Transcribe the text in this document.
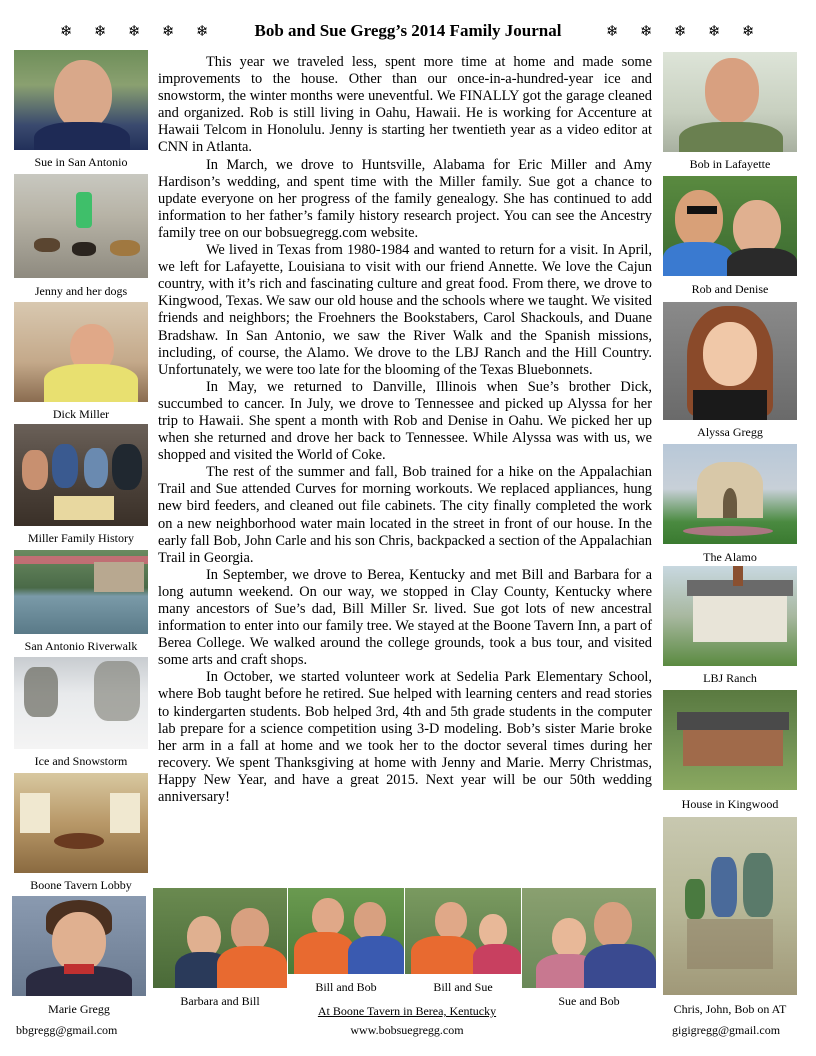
❄ ❄ ❄ ❄ ❄	Bob and Sue Gregg’s 2014 Family Journal	❄ ❄ ❄ ❄ ❄
Sue in San Antonio
Jenny and her dogs
Dick Miller
Miller Family History
San Antonio Riverwalk
Ice and Snowstorm
Boone Tavern Lobby
Marie Gregg
Bob in Lafayette
Rob and Denise
Alyssa Gregg
The Alamo
LBJ Ranch
House in Kingwood
Chris, John, Bob on AT

This year we traveled less, spent more time at home and made some improvements to the house. Other than our once-in-a-hundred-year ice and snowstorm, the winter months were uneventful. We FINALLY got the garage cleaned and organized. Rob is still living in Oahu, Hawaii. He is working for Accenture at Hawaii Telcom in Honolulu. Jenny is starting her twentieth year as a video editor at CNN in Atlanta.

In March, we drove to Huntsville, Alabama for Eric Miller and Amy Hardison’s wedding, and spent time with the Miller family. Sue got a chance to update everyone on her progress of the family genealogy. She has continued to add information to her father’s family history research project. You can see the Ancestry family tree on our bobsuegregg.com website.

We lived in Texas from 1980-1984 and wanted to return for a visit. In April, we left for Lafayette, Louisiana to visit with our friend Annette. We love the Cajun country, with it’s rich and fascinating culture and great food. From there, we drove to Kingwood, Texas. We saw our old house and the schools where we taught. We visited friends and neighbors; the Froehners the Bookstabers, Carol Shackouls, and Duane Bradshaw. In San Antonio, we saw the River Walk and the Spanish missions, including, of course, the Alamo. We drove to the LBJ Ranch and the Hill Country. Unfortunately, we were too late for the blooming of the Texas Bluebonnets.

In May, we returned to Danville, Illinois when Sue’s brother Dick, succumbed to cancer. In July, we drove to Tennessee and picked up Alyssa for her trip to Hawaii. She spent a month with Rob and Denise in Oahu. We picked her up when she returned and drove her back to Tennessee. While Alyssa was with us, we shopped and visited the World of Coke.

The rest of the summer and fall, Bob trained for a hike on the Appalachian Trail and Sue attended Curves for morning workouts. We replaced appliances, hung new bird feeders, and cleaned out file cabinets. The city finally completed the work on a new neighborhood water main located in the street in front of our house. In the early fall Bob, John Carle and his son Chris, backpacked a section of the Appalachian Trail in Georgia.

In September, we drove to Berea, Kentucky and met Bill and Barbara for a long autumn weekend. On our way, we stopped in Clay County, Kentucky where many ancestors of Sue’s dad, Bill Miller Sr. lived. Sue got lots of new ancestral information to enter into our family tree. We stayed at the Boone Tavern Inn, a part of Berea College. We walked around the college grounds, took a bus tour, and visited some arts and craft shops.

In October, we started volunteer work at Sedelia Park Elementary School, where Bob taught before he retired. Sue helped with learning centers and read stories to kindergarten students. Bob helped 3rd, 4th and 5th grade students in the computer lab prepare for a science competition using 3-D modeling. Bob’s sister Marie broke her arm in a fall at home and we took her to the doctor several times during her recovery. We spent Thanksgiving at home with Jenny and Marie. Merry Christmas, Happy New Year, and have a great 2015. Next year will be our 50th wedding anniversary!

Bill and Bob	Bill and Sue
Barbara and Bill	Sue and Bob
At Boone Tavern in Berea, Kentucky
bbgregg@gmail.com	www.bobsuegregg.com	gigigregg@gmail.com
